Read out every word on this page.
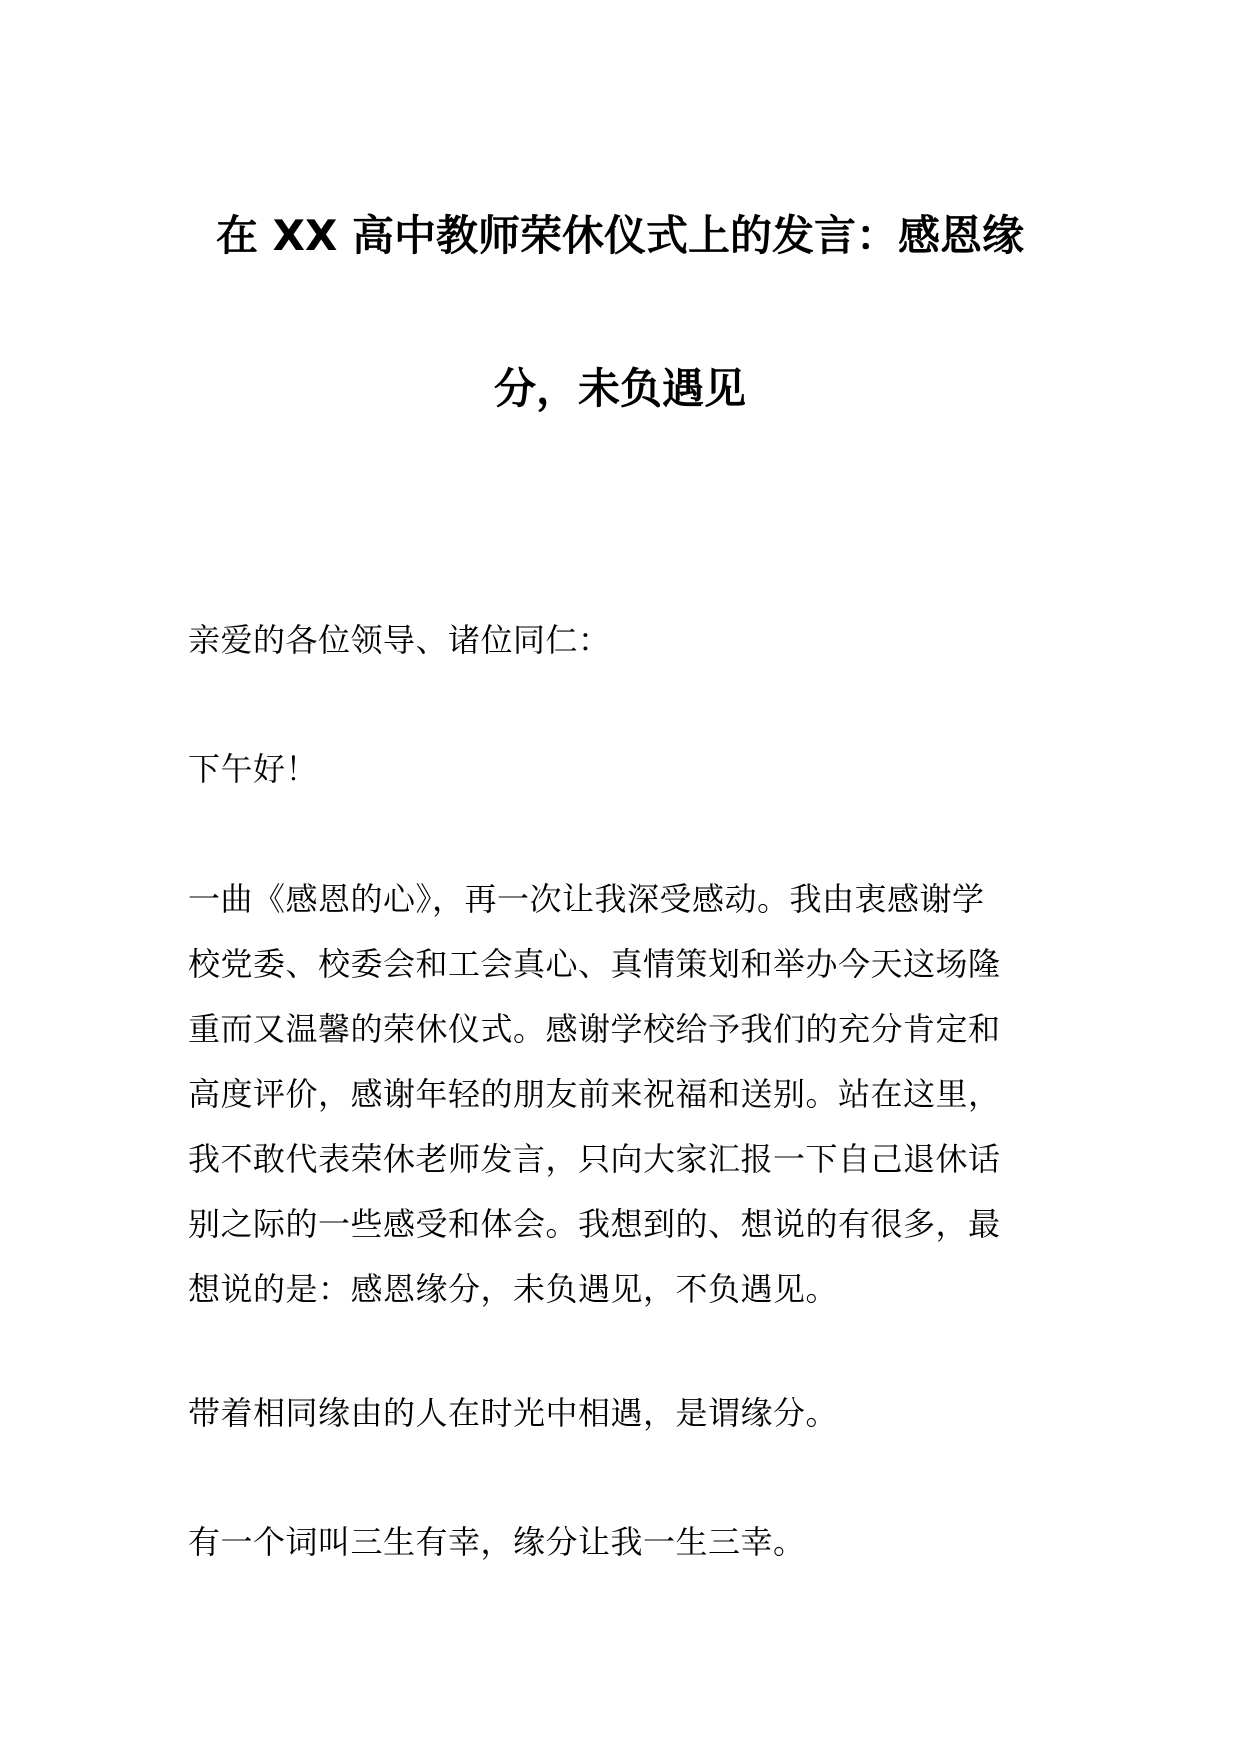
在 XX 高中教师荣休仪式上的发言：感恩缘
分，未负遇见

亲爱的各位领导、诸位同仁：

下午好！

一曲《感恩的心》，再一次让我深受感动。我由衷感谢学
校党委、校委会和工会真心、真情策划和举办今天这场隆
重而又温馨的荣休仪式。感谢学校给予我们的充分肯定和
高度评价，感谢年轻的朋友前来祝福和送别。站在这里，
我不敢代表荣休老师发言，只向大家汇报一下自己退休话
别之际的一些感受和体会。我想到的、想说的有很多，最
想说的是：感恩缘分，未负遇见，不负遇见。

带着相同缘由的人在时光中相遇，是谓缘分。

有一个词叫三生有幸，缘分让我一生三幸。
